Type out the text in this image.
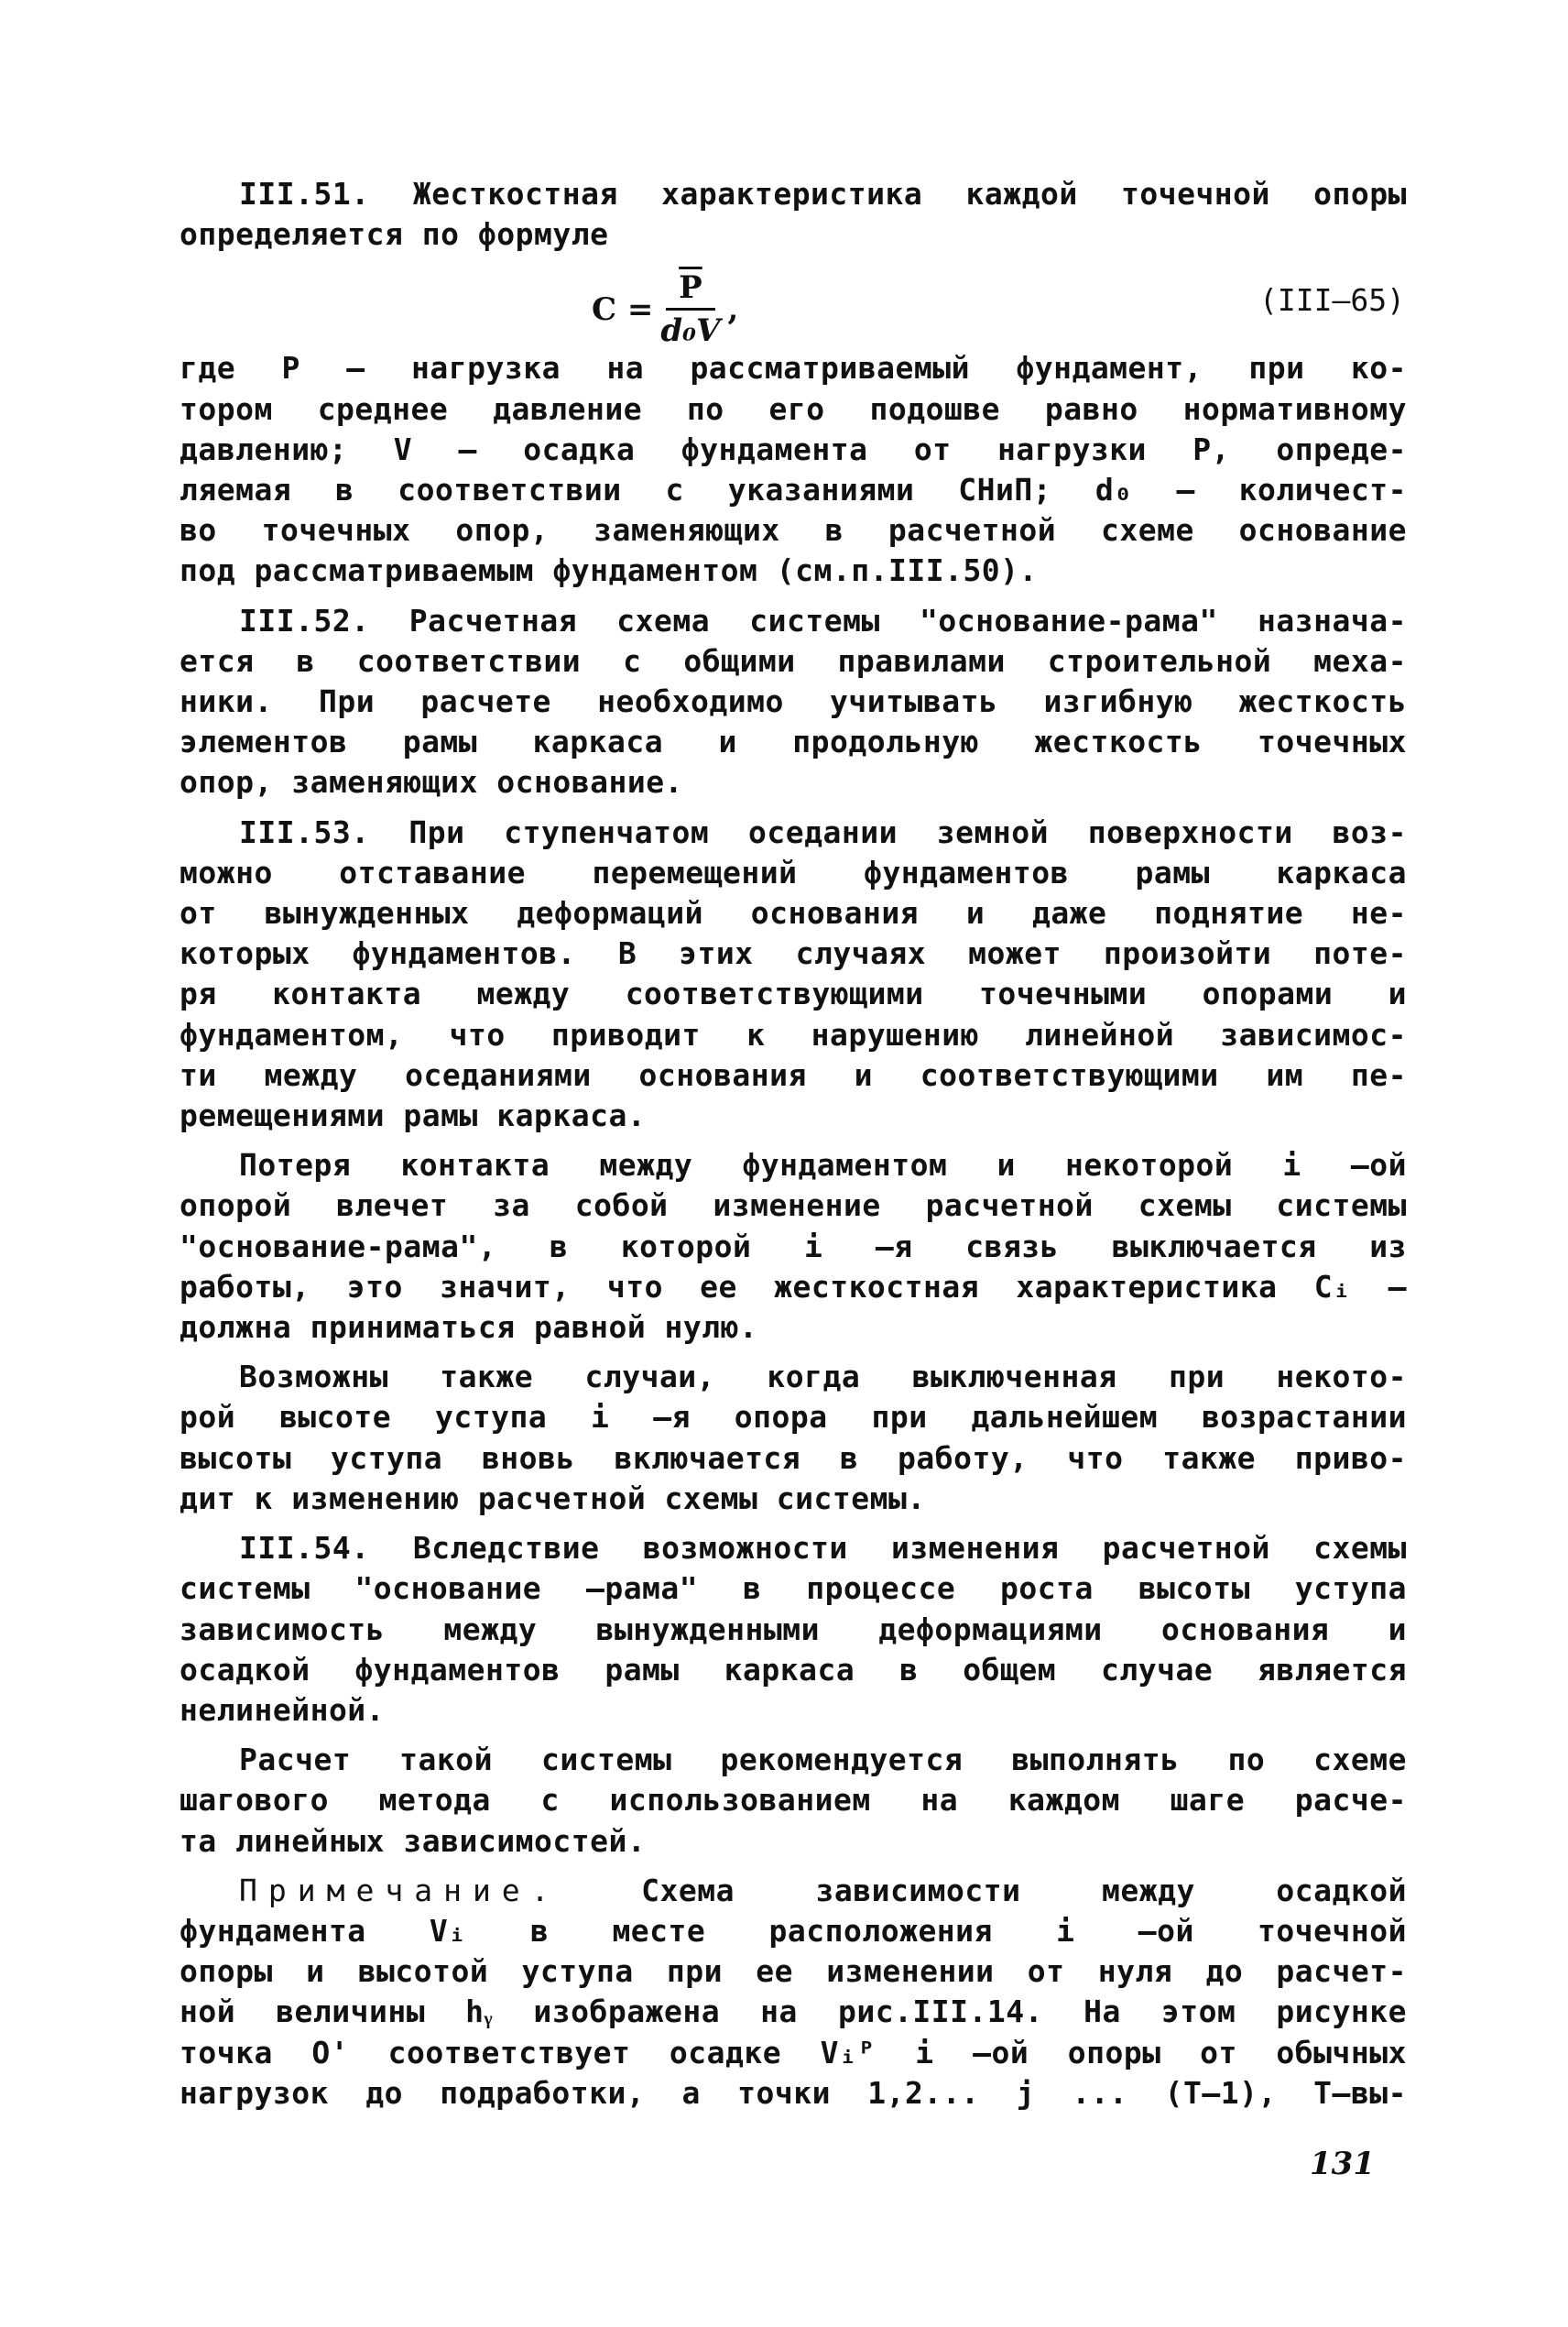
III.51. Жесткостная характеристика каждой точечной опоры
определяется по формуле
$C = \frac{\overline{P}}{\text{d₀V}}$ ,	(III–65)
где P – нагрузка на рассматриваемый фундамент, при ко-
тором среднее давление по его подошве равно нормативному
давлению; V – осадка фундамента от нагрузки Р, опреде-
ляемая в соответствии с указаниями СНиП; d₀ – количест-
во точечных опор, заменяющих в расчетной схеме основание
под рассматриваемым фундаментом (см.п.III.50).
III.52. Расчетная схема системы "основание-рама" назнача-
ется в соответствии с общими правилами строительной меха-
ники. При расчете необходимо учитывать изгибную жесткость
элементов рамы каркаса и продольную жесткость точечных
опор, заменяющих основание.
III.53. При ступенчатом оседании земной поверхности воз-
можно отставание перемещений фундаментов рамы каркаса
от вынужденных деформаций основания и даже поднятие не-
которых фундаментов. В этих случаях может произойти поте-
ря контакта между соответствующими точечными опорами и
фундаментом, что приводит к нарушению линейной зависимос-
ти между оседаниями основания и соответствующими им пе-
ремещениями рамы каркаса.
Потеря контакта между фундаментом и некоторой i –ой
опорой влечет за собой изменение расчетной схемы системы
"основание-рама", в которой i –я связь выключается из
работы, это значит, что ее жесткостная характеристика Cᵢ –
должна приниматься равной нулю.
Возможны также случаи, когда выключенная при некото-
рой высоте уступа i –я опора при дальнейшем возрастании
высоты уступа вновь включается в работу, что также приво-
дит к изменению расчетной схемы системы.
III.54. Вследствие возможности изменения расчетной схемы
системы "основание –рама" в процессе роста высоты уступа
зависимость между вынужденными деформациями основания и
осадкой фундаментов рамы каркаса в общем случае является
нелинейной.
Расчет такой системы рекомендуется выполнять по схеме
шагового метода с использованием на каждом шаге расче-
та линейных зависимостей.
Примечание.	Схема зависимости между осадкой
фундамента Vᵢ в месте расположения i –ой точечной
опоры и высотой уступа при ее изменении от нуля до расчет-
ной величины hᵧ изображена на рис.III.14. На этом рисунке
точка О' соответствует осадке Vᵢᴾ i –ой опоры от обычных
нагрузок до подработки, а точки 1,2... j ... (Т–1), Т–вы-
131
